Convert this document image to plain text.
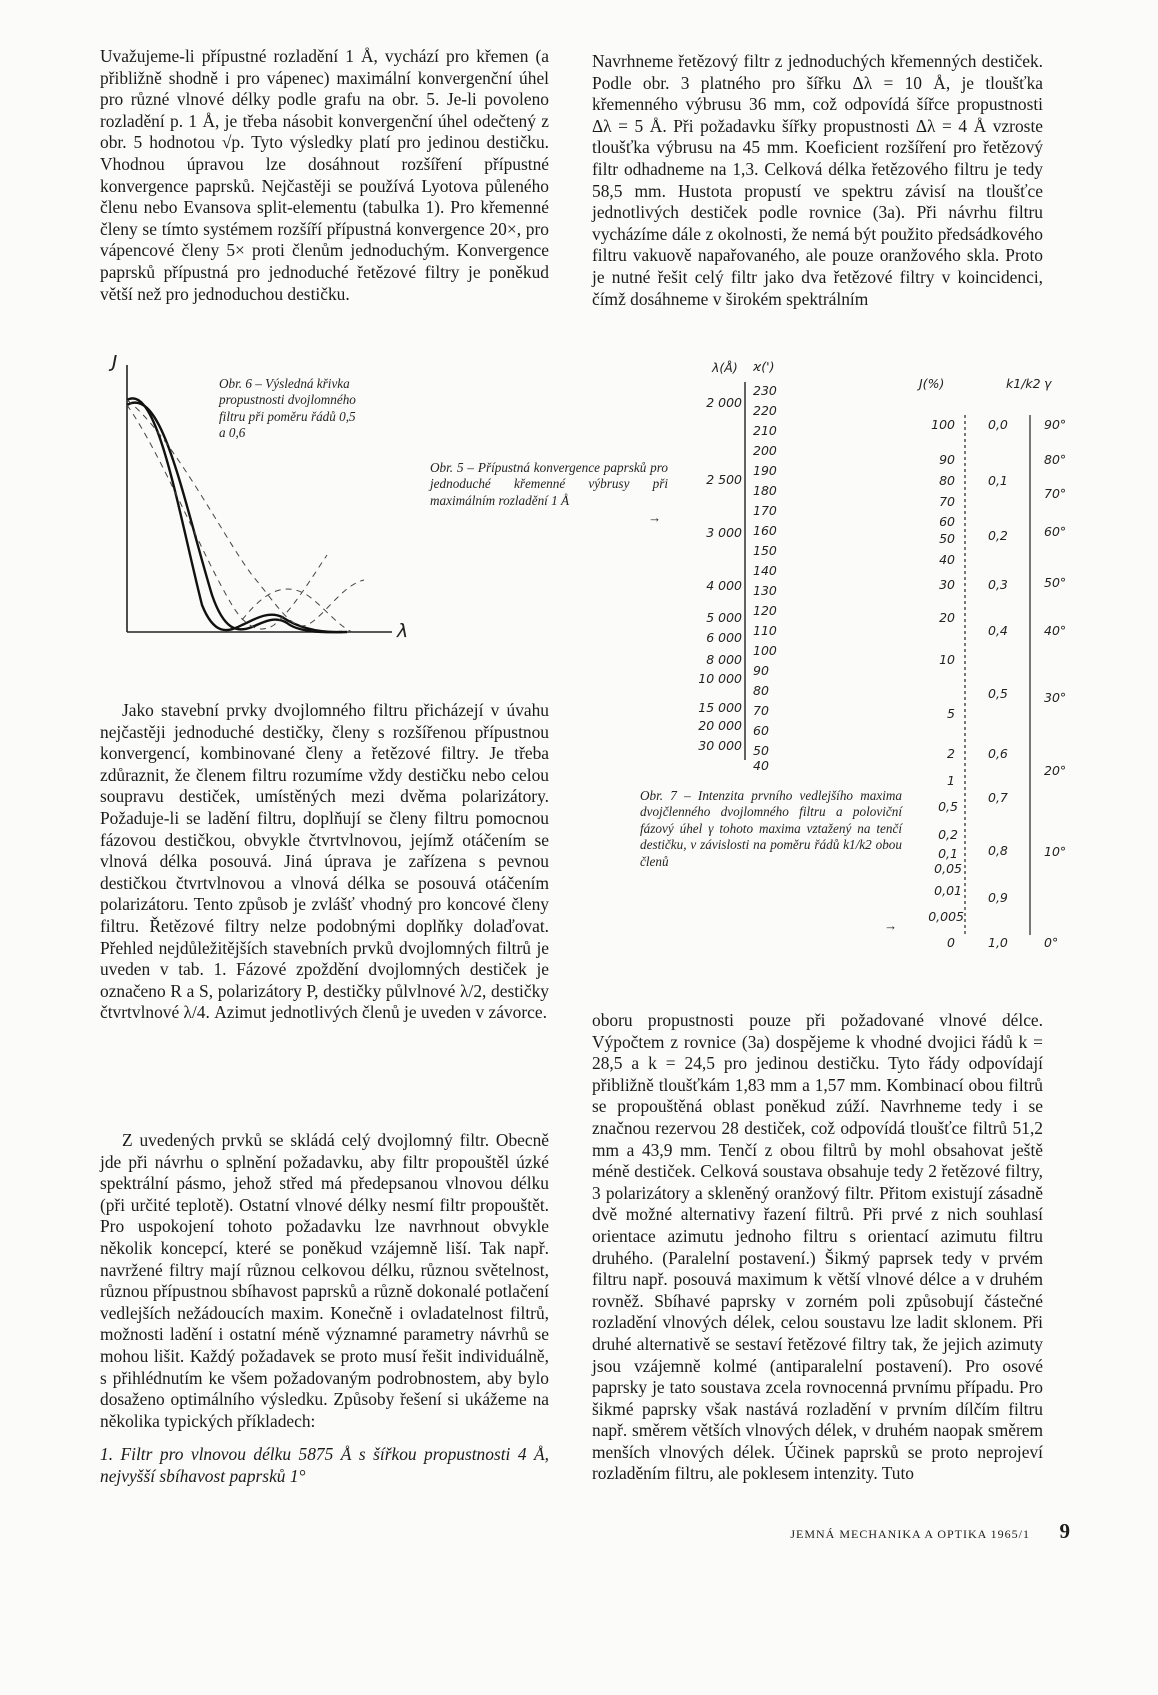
Uvažujeme-li přípustné rozladění 1 Å, vychází pro křemen (a přibližně shodně i pro vápenec) maximální konvergenční úhel pro různé vlnové délky podle grafu na obr. 5. Je-li povoleno rozladění p. 1 Å, je třeba násobit konvergenční úhel odečtený z obr. 5 hodnotou √p. Tyto výsledky platí pro jedinou destičku. Vhodnou úpravou lze dosáhnout rozšíření přípustné konvergence paprsků. Nejčastěji se používá Lyotova půleného členu nebo Evansova split-elementu (tabulka 1). Pro křemenné členy se tímto systémem rozšíří přípustná konvergence 20×, pro vápencové členy 5× proti členům jednoduchým. Konvergence paprsků přípustná pro jednoduché řetězové filtry je poněkud větší než pro jednoduchou destičku.

Navrhneme řetězový filtr z jednoduchých křemenných destiček. Podle obr. 3 platného pro šířku Δλ = 10 Å, je tloušťka křemenného výbrusu 36 mm, což odpovídá šířce propustnosti Δλ = 5 Å. Při požadavku šířky propustnosti Δλ = 4 Å vzroste tloušťka výbrusu na 45 mm. Koeficient rozšíření pro řetězový filtr odhadneme na 1,3. Celková délka řetězového filtru je tedy 58,5 mm. Hustota propustí ve spektru závisí na tloušťce jednotlivých destiček podle rovnice (3a). Při návrhu filtru vycházíme dále z okolnosti, že nemá být použito předsádkového filtru vakuově napařovaného, ale pouze oranžového skla. Proto je nutné řešit celý filtr jako dva řetězové filtry v koincidenci, čímž dosáhneme v širokém spektrálním

J
λ
Obr. 6 – Výsledná křivka propustnosti dvojlomného filtru při poměru řádů 0,5 a 0,6
Obr. 5 – Přípustná konvergence paprsků pro jednoduché křemenné výbrusy při maximálním rozladění 1 Å
→
λ(Å) ϰ(')
230
220
210
200
190
180
170
160
150
140
130
120
110
100
90
80
70
60
50
40
2 000
2 500
3 000
4 000
5 000
6 000
8 000
10 000
15 000
20 000
30 000
J(%)	k1/k2 γ
100
90
80
70
60
50
40
30
20
10
5
2
1
0,5
0,2
0,1
0,05
0,01
0,005
0
0,0
0,1
0,2
0,3
0,4
0,5
0,6
0,7
0,8
0,9
1,0
90°
80°
70°
60°
50°
40°
30°
20°
10°
0°
Obr. 7 – Intenzita prvního vedlejšího maxima dvojčlenného dvojlomného filtru a poloviční fázový úhel γ tohoto maxima vztažený na tenčí destičku, v závislosti na poměru řádů k1/k2 obou členů
→

Jako stavební prvky dvojlomného filtru přicházejí v úvahu nejčastěji jednoduché destičky, členy s rozšířenou přípustnou konvergencí, kombinované členy a řetězové filtry. Je třeba zdůraznit, že členem filtru rozumíme vždy destičku nebo celou soupravu destiček, umístěných mezi dvěma polarizátory. Požaduje-li se ladění filtru, doplňují se členy filtru pomocnou fázovou destičkou, obvykle čtvrtvlnovou, jejímž otáčením se vlnová délka posouvá. Jiná úprava je zařízena s pevnou destičkou čtvrtvlnovou a vlnová délka se posouvá otáčením polarizátoru. Tento způsob je zvlášť vhodný pro koncové členy filtru. Řetězové filtry nelze podobnými doplňky dolaďovat. Přehled nejdůležitějších stavebních prvků dvojlomných filtrů je uveden v tab. 1. Fázové zpoždění dvojlomných destiček je označeno R a S, polarizátory P, destičky půlvlnové λ/2, destičky čtvrtvlnové λ/4. Azimut jednotlivých členů je uveden v závorce.

Z uvedených prvků se skládá celý dvojlomný filtr. Obecně jde při návrhu o splnění požadavku, aby filtr propouštěl úzké spektrální pásmo, jehož střed má předepsanou vlnovou délku (při určité teplotě). Ostatní vlnové délky nesmí filtr propouštět. Pro uspokojení tohoto požadavku lze navrhnout obvykle několik koncepcí, které se poněkud vzájemně liší. Tak např. navržené filtry mají různou celkovou délku, různou světelnost, různou přípustnou sbíhavost paprsků a různě dokonalé potlačení vedlejších nežádoucích maxim. Konečně i ovladatelnost filtrů, možnosti ladění i ostatní méně významné parametry návrhů se mohou lišit. Každý požadavek se proto musí řešit individuálně, s přihlédnutím ke všem požadovaným podrobnostem, aby bylo dosaženo optimálního výsledku. Způsoby řešení si ukážeme na několika typických příkladech:

1. Filtr pro vlnovou délku 5875 Å s šířkou propustnosti 4 Å, nejvyšší sbíhavost paprsků 1°

oboru propustnosti pouze při požadované vlnové délce. Výpočtem z rovnice (3a) dospějeme k vhodné dvojici řádů k = 28,5 a k = 24,5 pro jedinou destičku. Tyto řády odpovídají přibližně tloušťkám 1,83 mm a 1,57 mm. Kombinací obou filtrů se propouštěná oblast poněkud zúží. Navrhneme tedy i se značnou rezervou 28 destiček, což odpovídá tloušťce filtrů 51,2 mm a 43,9 mm. Tenčí z obou filtrů by mohl obsahovat ještě méně destiček. Celková soustava obsahuje tedy 2 řetězové filtry, 3 polarizátory a skleněný oranžový filtr. Přitom existují zásadně dvě možné alternativy řazení filtrů. Při prvé z nich souhlasí orientace azimutu jednoho filtru s orientací azimutu filtru druhého. (Paralelní postavení.) Šikmý paprsek tedy v prvém filtru např. posouvá maximum k větší vlnové délce a v druhém rovněž. Sbíhavé paprsky v zorném poli způsobují částečné rozladění vlnových délek, celou soustavu lze ladit sklonem. Při druhé alternativě se sestaví řetězové filtry tak, že jejich azimuty jsou vzájemně kolmé (antiparalelní postavení). Pro osové paprsky je tato soustava zcela rovnocenná prvnímu případu. Pro šikmé paprsky však nastává rozladění v prvním dílčím filtru např. směrem větších vlnových délek, v druhém naopak směrem menších vlnových délek. Účinek paprsků se proto neprojeví rozladěním filtru, ale poklesem intenzity. Tuto

JEMNÁ MECHANIKA A OPTIKA 1965/1 9
